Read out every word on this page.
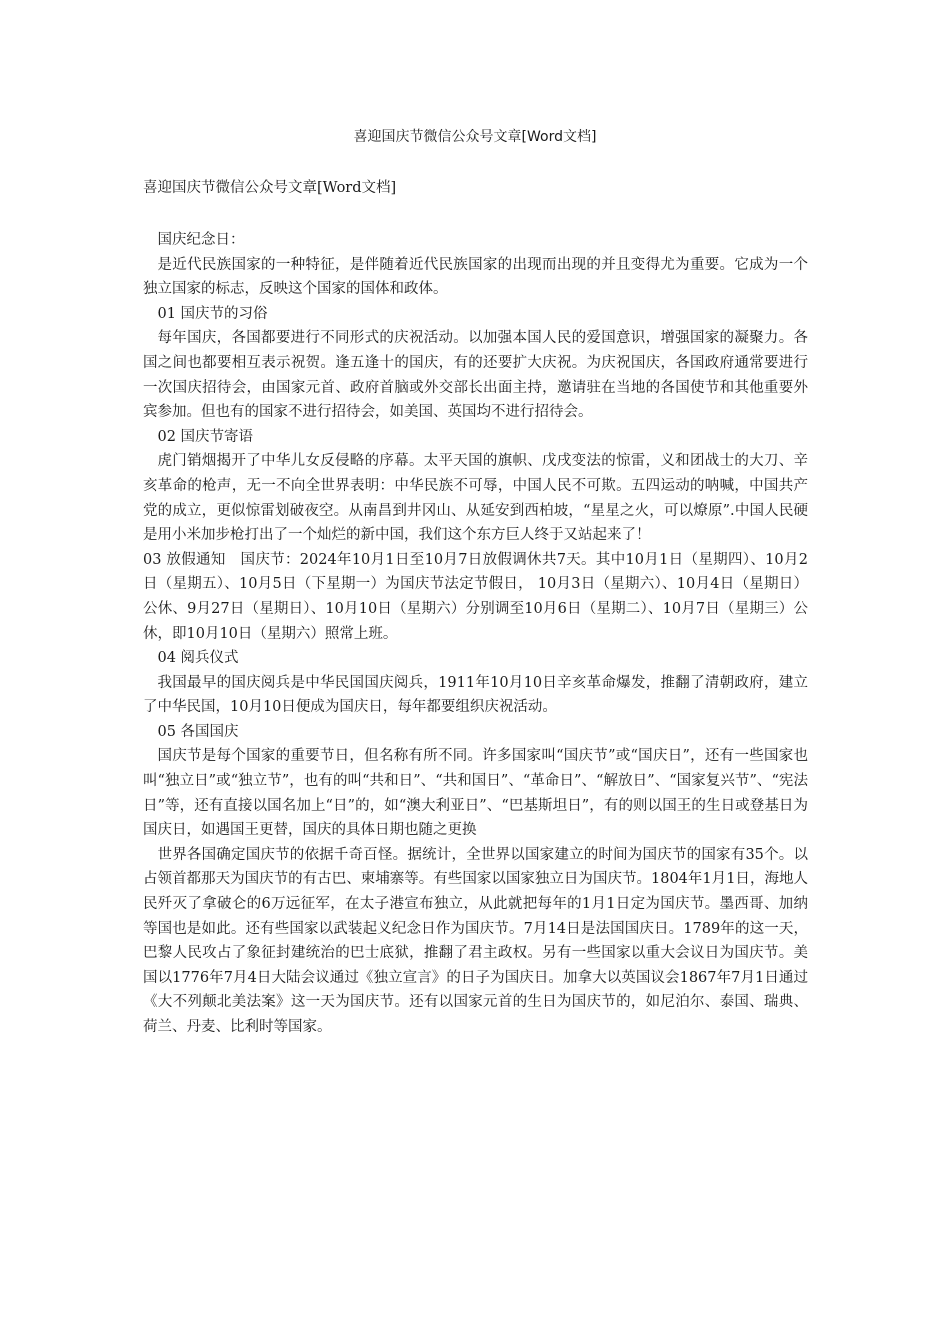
喜迎国庆节微信公众号文章[Word文档]
喜迎国庆节微信公众号文章[Word文档]

国庆纪念日：

是近代民族国家的一种特征，是伴随着近代民族国家的出现而出现的并且变得尤为重要。它成为一个独立国家的标志，反映这个国家的国体和政体。

01 国庆节的习俗

每年国庆，各国都要进行不同形式的庆祝活动。以加强本国人民的爱国意识，增强国家的凝聚力。各国之间也都要相互表示祝贺。逢五逢十的国庆，有的还要扩大庆祝。为庆祝国庆，各国政府通常要进行一次国庆招待会，由国家元首、政府首脑或外交部长出面主持，邀请驻在当地的各国使节和其他重要外宾参加。但也有的国家不进行招待会，如美国、英国均不进行招待会。

02 国庆节寄语

虎门销烟揭开了中华儿女反侵略的序幕。太平天国的旗帜、戊戌变法的惊雷，义和团战士的大刀、辛亥革命的枪声，无一不向全世界表明：中华民族不可辱，中国人民不可欺。五四运动的呐喊，中国共产党的成立，更似惊雷划破夜空。从南昌到井冈山、从延安到西柏坡，“星星之火，可以燎原”.中国人民硬是用小米加步枪打出了一个灿烂的新中国，我们这个东方巨人终于又站起来了！

03 放假通知　国庆节：2024年10月1日至10月7日放假调休共7天。其中10月1日（星期四）、10月2日（星期五）、10月5日（下星期一）为国庆节法定节假日， 10月3日（星期六）、10月4日（星期日）公休、9月27日（星期日）、10月10日（星期六）分别调至10月6日（星期二）、10月7日（星期三）公休，即10月10日（星期六）照常上班。

04 阅兵仪式

我国最早的国庆阅兵是中华民国国庆阅兵，1911年10月10日辛亥革命爆发，推翻了清朝政府，建立了中华民国，10月10日便成为国庆日，每年都要组织庆祝活动。

05 各国国庆

国庆节是每个国家的重要节日，但名称有所不同。许多国家叫“国庆节”或“国庆日”，还有一些国家也叫“独立日”或“独立节”，也有的叫“共和日”、“共和国日”、“革命日”、“解放日”、“国家复兴节”、“宪法日”等，还有直接以国名加上“日”的，如“澳大利亚日”、“巴基斯坦日”，有的则以国王的生日或登基日为国庆日，如遇国王更替，国庆的具体日期也随之更换

世界各国确定国庆节的依据千奇百怪。据统计，全世界以国家建立的时间为国庆节的国家有35个。以占领首都那天为国庆节的有古巴、柬埔寨等。有些国家以国家独立日为国庆节。1804年1月1日，海地人民歼灭了拿破仑的6万远征军，在太子港宣布独立，从此就把每年的1月1日定为国庆节。墨西哥、加纳等国也是如此。还有些国家以武装起义纪念日作为国庆节。7月14日是法国国庆日。1789年的这一天，巴黎人民攻占了象征封建统治的巴士底狱，推翻了君主政权。另有一些国家以重大会议日为国庆节。美国以1776年7月4日大陆会议通过《独立宣言》的日子为国庆日。加拿大以英国议会1867年7月1日通过《大不列颠北美法案》这一天为国庆节。还有以国家元首的生日为国庆节的，如尼泊尔、泰国、瑞典、荷兰、丹麦、比利时等国家。
